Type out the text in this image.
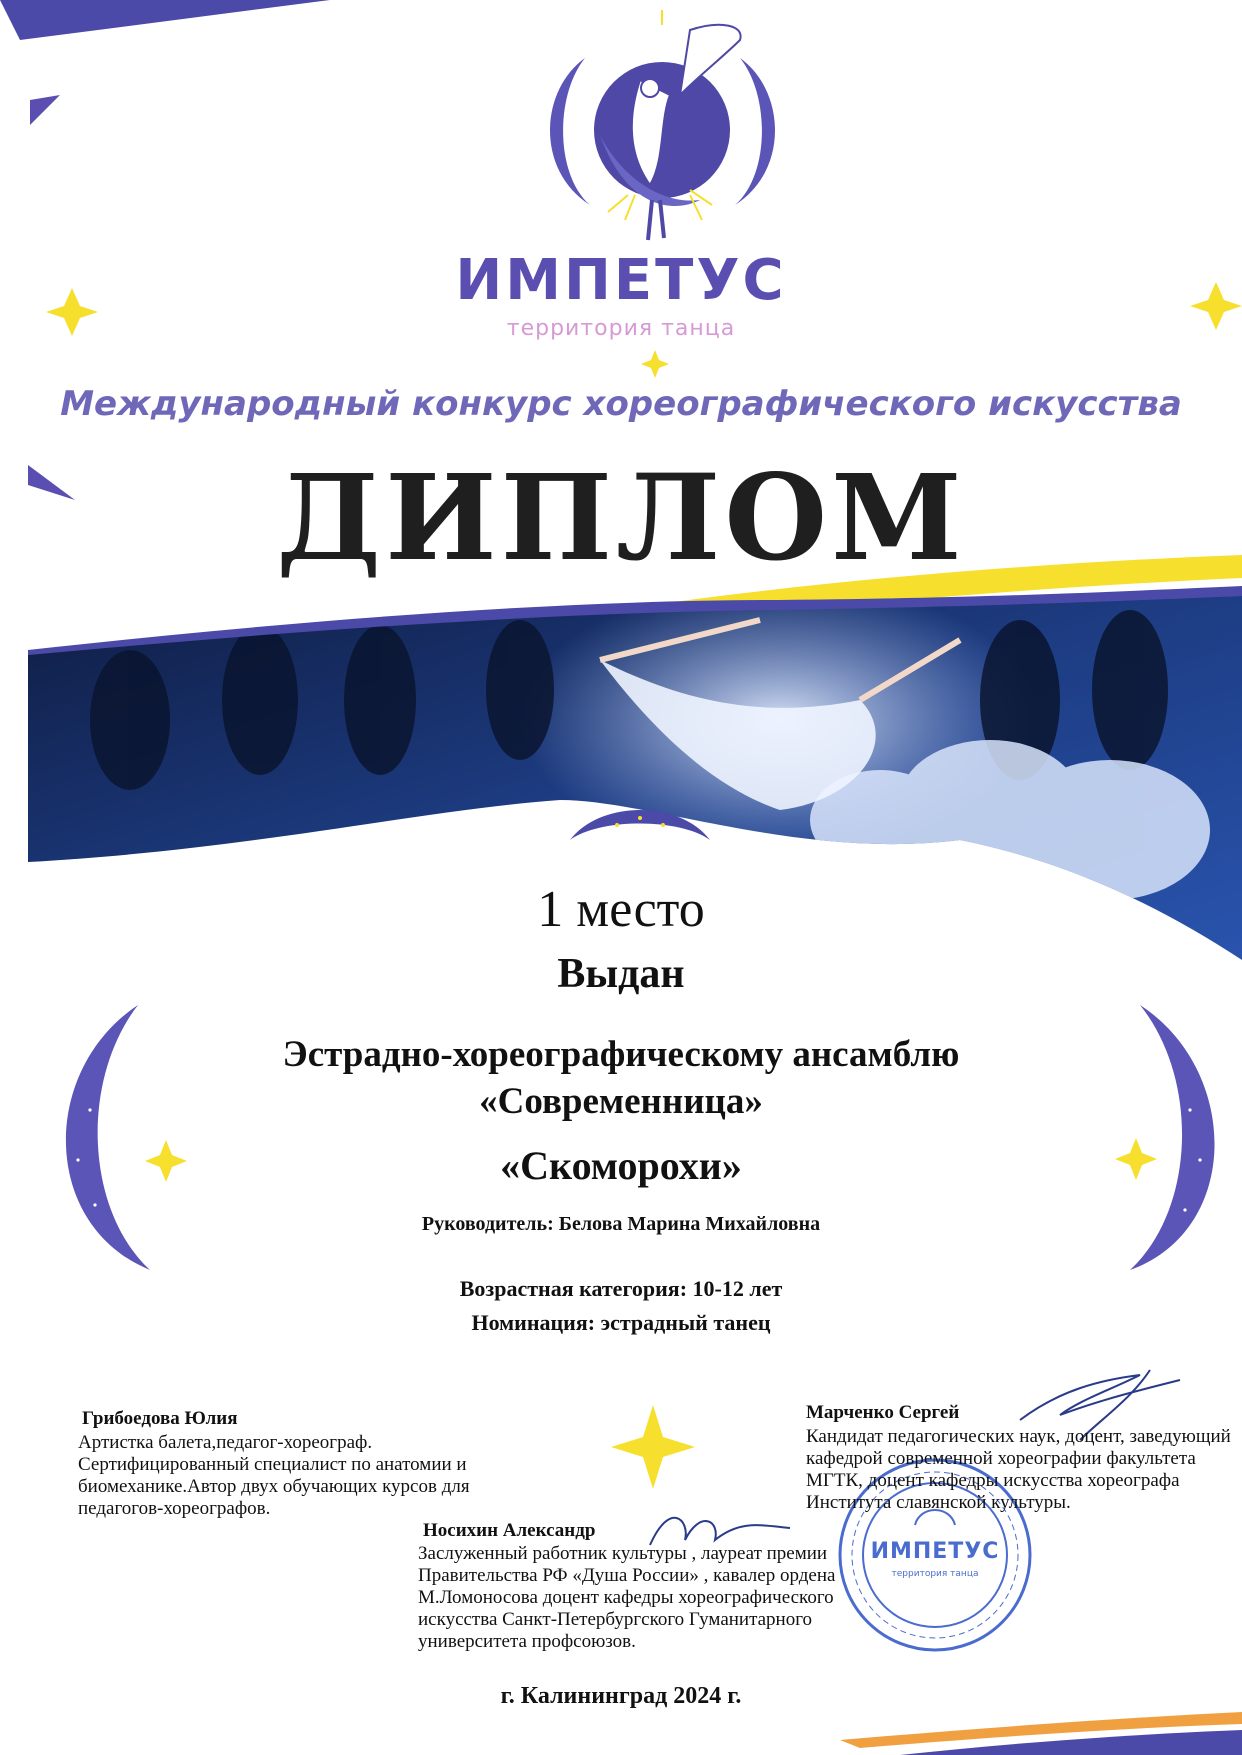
ИМПЕТУС
территория танца
ИМПЕТУС
территория танца
Международный конкурс хореографического искусства
ДИПЛОМ
1 место
Выдан
Эстрадно-хореографическому ансамблю
«Современница»
«Скоморохи»
Руководитель: Белова Марина Михайловна
Возрастная категория: 10-12 лет
Номинация: эстрадный танец
Грибоедова Юлия
Артистка балета,педагог-хореограф. Сертифицированный специалист по анатомии и биомеханике.Автор двух обучающих курсов для педагогов-хореографов.
Носихин Александр
Заслуженный работник культуры , лауреат премии Правительства РФ «Душа России» , кавалер ордена М.Ломоносова доцент кафедры хореографического искусства Санкт-Петербургского Гуманитарного университета профсоюзов.
Марченко Сергей
Кандидат педагогических наук, доцент, заведующий кафедрой современной хореографии факультета МГТК, доцент кафедры искусства хореографа Института славянской культуры.
г. Калининград 2024 г.
